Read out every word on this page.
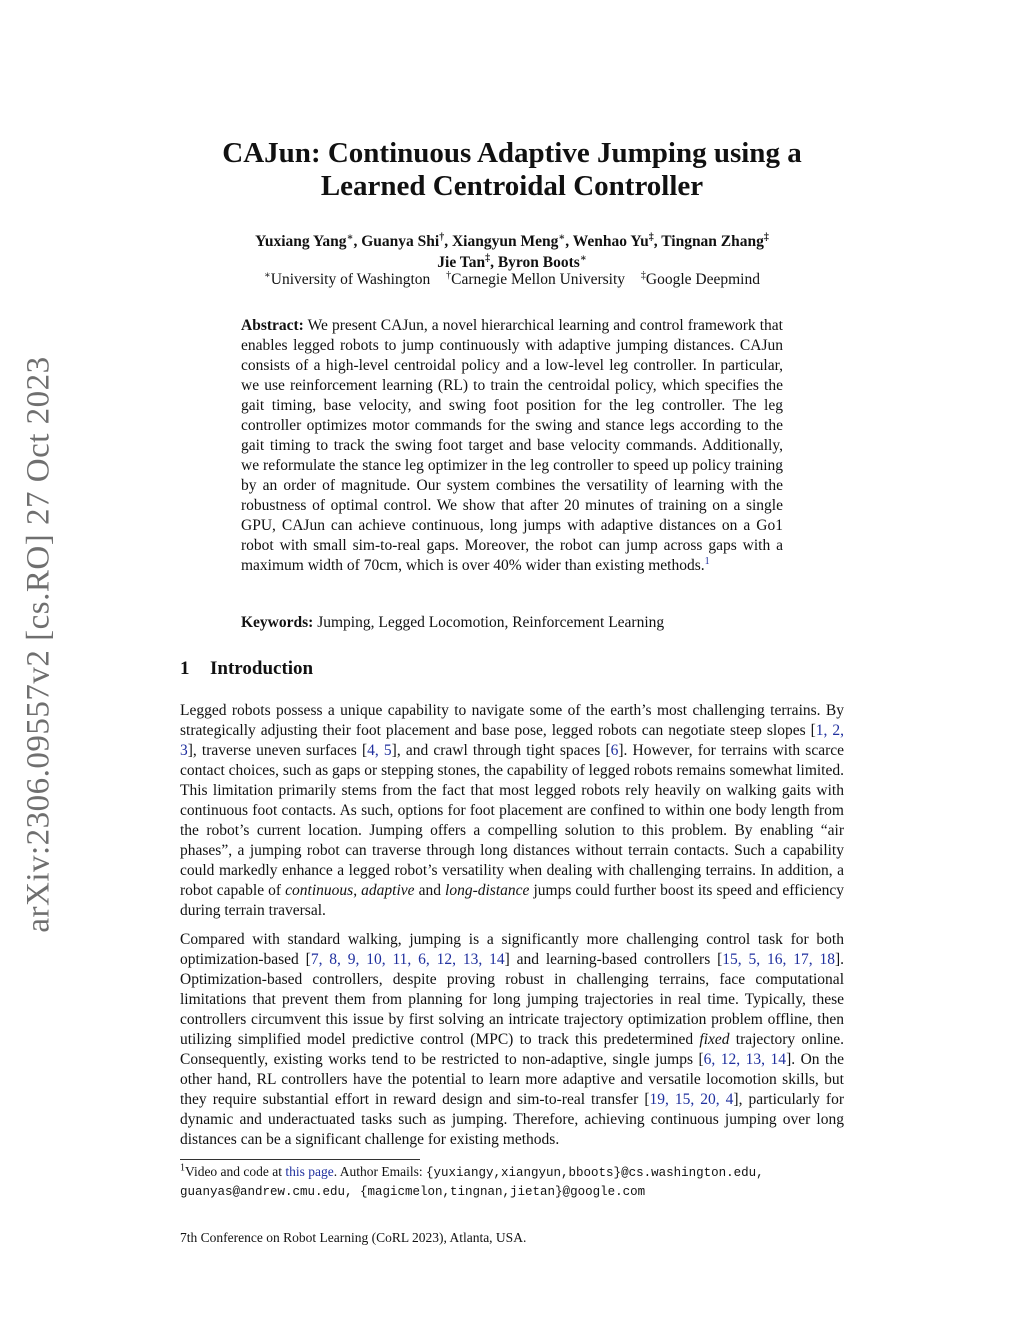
arXiv:2306.09557v2 [cs.RO] 27 Oct 2023
CAJun: Continuous Adaptive Jumping using a Learned Centroidal Controller
Yuxiang Yang∗, Guanya Shi†, Xiangyun Meng∗, Wenhao Yu‡, Tingnan Zhang‡
Jie Tan‡, Byron Boots∗
∗University of Washington †Carnegie Mellon University ‡Google Deepmind

Abstract: We present CAJun, a novel hierarchical learning and control framework that enables legged robots to jump continuously with adaptive jumping distances. CAJun consists of a high-level centroidal policy and a low-level leg controller. In particular, we use reinforcement learning (RL) to train the centroidal policy, which specifies the gait timing, base velocity, and swing foot position for the leg controller. The leg controller optimizes motor commands for the swing and stance legs according to the gait timing to track the swing foot target and base velocity commands. Additionally, we reformulate the stance leg optimizer in the leg controller to speed up policy training by an order of magnitude. Our system combines the versatility of learning with the robustness of optimal control. We show that after 20 minutes of training on a single GPU, CAJun can achieve continuous, long jumps with adaptive distances on a Go1 robot with small sim-to-real gaps. Moreover, the robot can jump across gaps with a maximum width of 70cm, which is over 40% wider than existing methods.$^1$

Keywords: Jumping, Legged Locomotion, Reinforcement Learning

1 Introduction

Legged robots possess a unique capability to navigate some of the earth’s most challenging terrains. By strategically adjusting their foot placement and base pose, legged robots can negotiate steep slopes [1, 2, 3], traverse uneven surfaces [4, 5], and crawl through tight spaces [6]. However, for terrains with scarce contact choices, such as gaps or stepping stones, the capability of legged robots remains somewhat limited. This limitation primarily stems from the fact that most legged robots rely heavily on walking gaits with continuous foot contacts. As such, options for foot placement are confined to within one body length from the robot’s current location. Jumping offers a compelling solution to this problem. By enabling “air phases”, a jumping robot can traverse through long distances without terrain contacts. Such a capability could markedly enhance a legged robot’s versatility when dealing with challenging terrains. In addition, a robot capable of continuous, adaptive and long-distance jumps could further boost its speed and efficiency during terrain traversal.

Compared with standard walking, jumping is a significantly more challenging control task for both optimization-based [7, 8, 9, 10, 11, 6, 12, 13, 14] and learning-based controllers [15, 5, 16, 17, 18]. Optimization-based controllers, despite proving robust in challenging terrains, face computational limitations that prevent them from planning for long jumping trajectories in real time. Typically, these controllers circumvent this issue by first solving an intricate trajectory optimization problem offline, then utilizing simplified model predictive control (MPC) to track this predetermined fixed trajectory online. Consequently, existing works tend to be restricted to non-adaptive, single jumps [6, 12, 13, 14]. On the other hand, RL controllers have the potential to learn more adaptive and versatile locomotion skills, but they require substantial effort in reward design and sim-to-real transfer [19, 15, 20, 4], particularly for dynamic and underactuated tasks such as jumping. Therefore, achieving continuous jumping over long distances can be a significant challenge for existing methods.

$^1$Video and code at this page. Author Emails: {yuxiangy,xiangyun,bboots}@cs.washington.edu,
guanyas@andrew.cmu.edu, {magicmelon,tingnan,jietan}@google.com

7th Conference on Robot Learning (CoRL 2023), Atlanta, USA.
